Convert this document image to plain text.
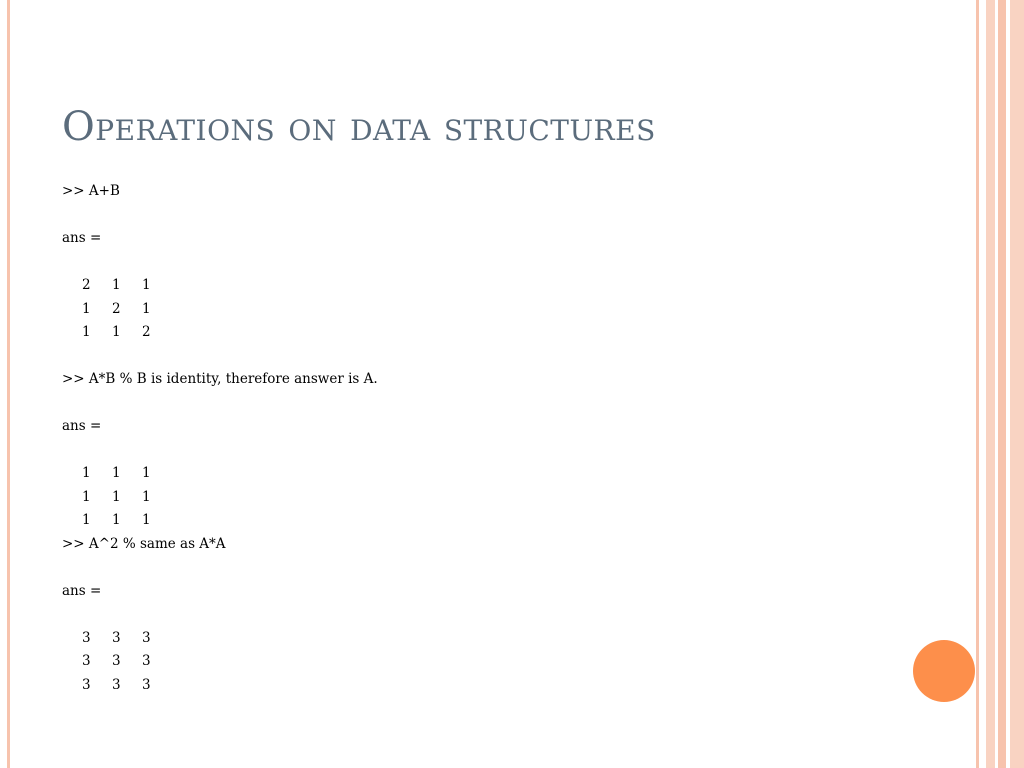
Operations on data structures
>> A+B
ans =
2 1 1
1 2 1
1 1 2
>> A*B % B is identity, therefore answer is A.
ans =
1 1 1
1 1 1
1 1 1
>> A^2 % same as A*A
ans =
3 3 3
3 3 3
3 3 3
